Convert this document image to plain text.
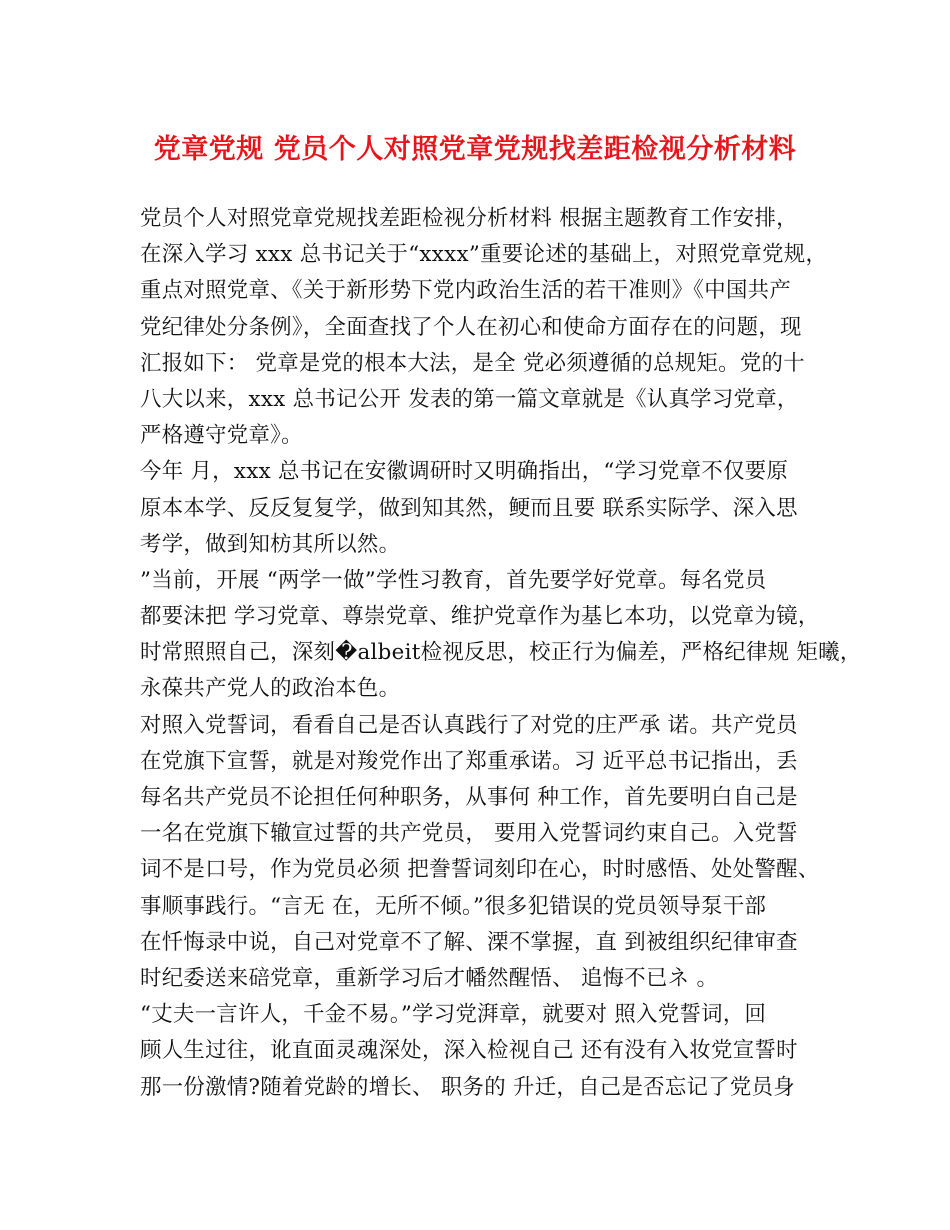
党章党规 党员个人对照党章党规找差距检视分析材料
党员个人对照党章党规找差距检视分析材料 根据主题教育工作安排，
在深入学习 xxx 总书记关于“xxxx”重要论述的基础上，对照党章党规，
重点对照党章、《关于新形势下党内政治生活的若干准则》《中国共产
党纪律处分条例》，全面查找了个人在初心和使命方面存在的问题，现
汇报如下： 党章是党的根本大法，是全 党必须遵循的总规矩。党的十
八大以来，xxx 总书记公开 发表的第一篇文章就是《认真学习党章，
严格遵守党章》。
今年 月，xxx 总书记在安徽调研时又明确指出，“学习党章不仅要原
原本本学、反反复复学，做到知其然，鲠而且要 联系实际学、深入思
考学，做到知枋其所以然。
”当前，开展 “两学一做”学性习教育，首先要学好党章。每名党员
都要沫把 学习党章、尊崇党章、维护党章作为基匕本功，以党章为镜，
时常照照自己，深刻�albeit检视反思，校正行为偏差，严格纪律规 矩曦，
永葆共产党人的政治本色。
对照入党誓词，看看自己是否认真践行了对党的庄严承 诺。共产党员
在党旗下宣誓，就是对羧党作出了郑重承诺。习 近平总书记指出，丢
每名共产党员不论担任何种职务，从事何 种工作，首先要明白自己是
一名在党旗下辙宣过誓的共产党员， 要用入党誓词约束自己。入党誓
词不是口号，作为党员必须 把誊誓词刻印在心，时时感悟、处处警醒、
事顺事践行。“言无 在，无所不倾。”很多犯错误的党员领导泵干部
在忏悔录中说，自己对党章不了解、溧不掌握，直 到被组织纪律审查
时纪委送来碚党章，重新学习后才幡然醒悟、 追悔不已ネ 。
“丈夫一言许人，千金不易。”学习党湃章，就要对 照入党誓词，回
顾人生过往，讹直面灵魂深处，深入检视自己 还有没有入妆党宣誓时
那一份激情?随着党龄的增长、 职务的 升迁，自己是否忘记了党员身
